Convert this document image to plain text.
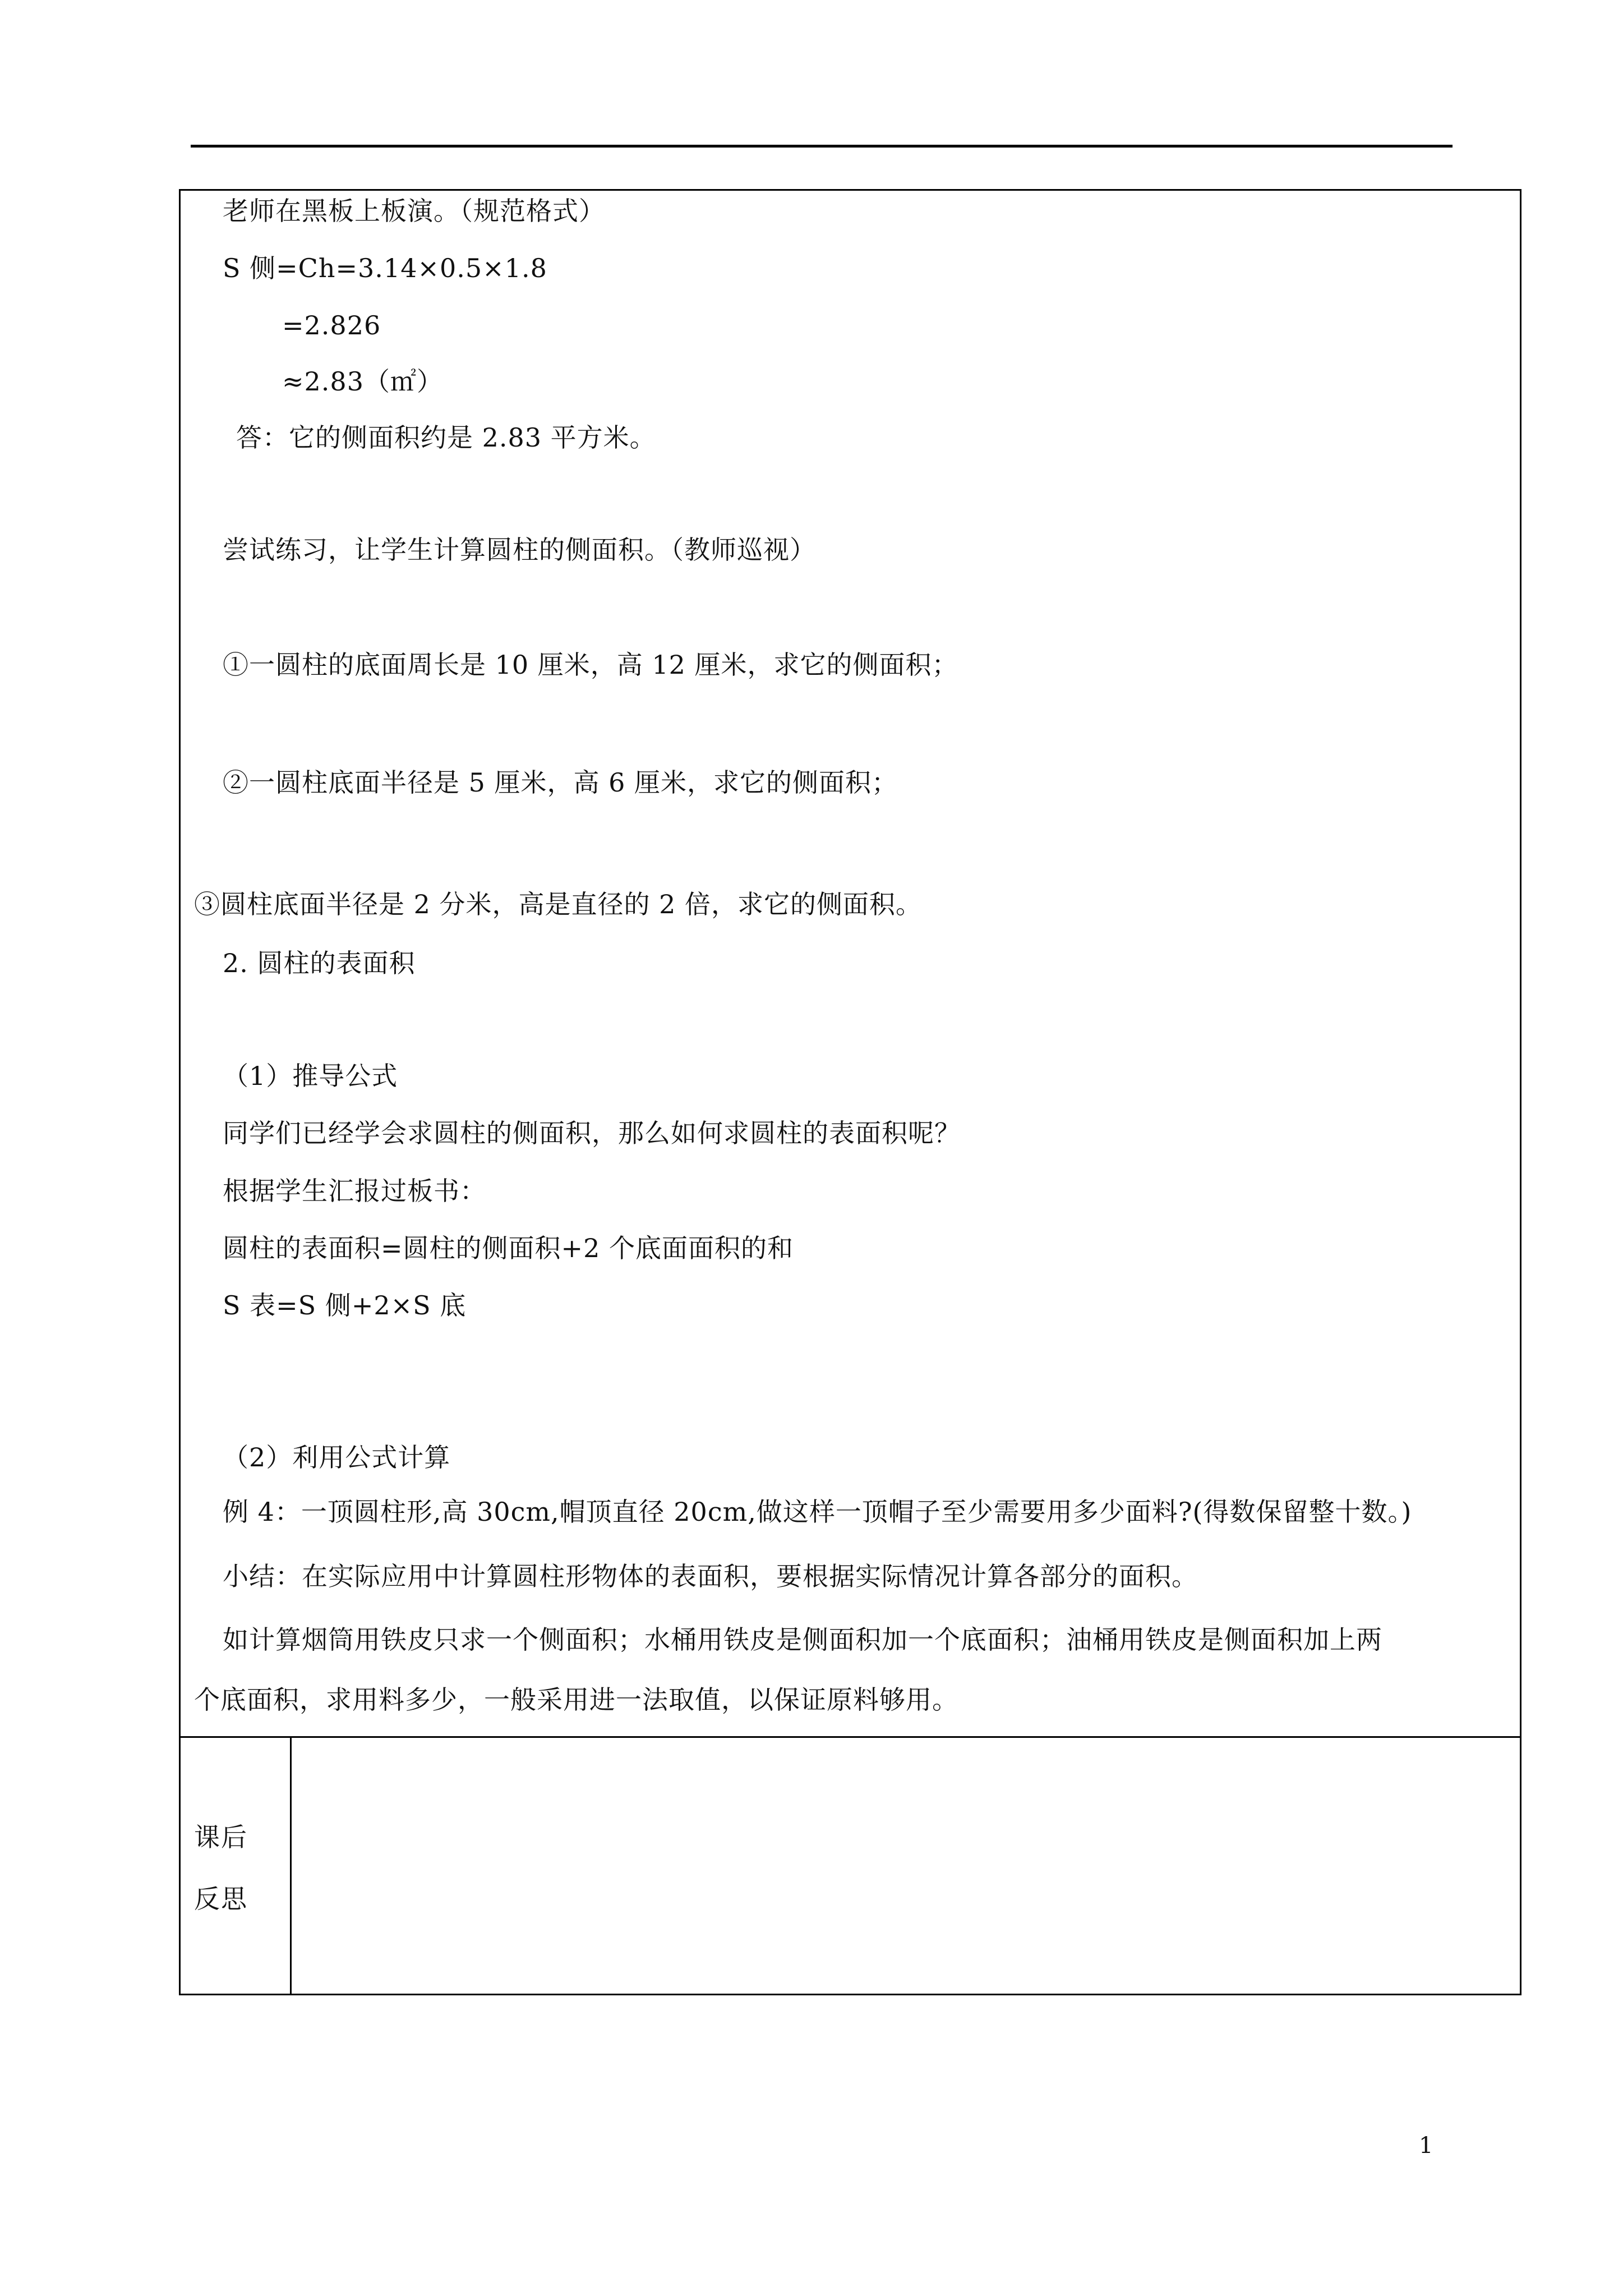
老师在黑板上板演。（规范格式）
S 侧=Ch=3.14×0.5×1.8
=2.826
≈2.83（㎡）
答：它的侧面积约是 2.83 平方米。
尝试练习，让学生计算圆柱的侧面积。（教师巡视）
①一圆柱的底面周长是 10 厘米，高 12 厘米，求它的侧面积；
②一圆柱底面半径是 5 厘米，高 6 厘米，求它的侧面积；
③圆柱底面半径是 2 分米，高是直径的 2 倍，求它的侧面积。
2. 圆柱的表面积
（1）推导公式
同学们已经学会求圆柱的侧面积，那么如何求圆柱的表面积呢？
根据学生汇报过板书：
圆柱的表面积=圆柱的侧面积+2 个底面面积的和
S 表=S 侧+2×S 底
（2）利用公式计算
例 4：一顶圆柱形,高 30cm,帽顶直径 20cm,做这样一顶帽子至少需要用多少面料?(得数保留整十数。)
小结：在实际应用中计算圆柱形物体的表面积，要根据实际情况计算各部分的面积。
如计算烟筒用铁皮只求一个侧面积；水桶用铁皮是侧面积加一个底面积；油桶用铁皮是侧面积加上两
个底面积，求用料多少，一般采用进一法取值，以保证原料够用。
课后
反思
1
